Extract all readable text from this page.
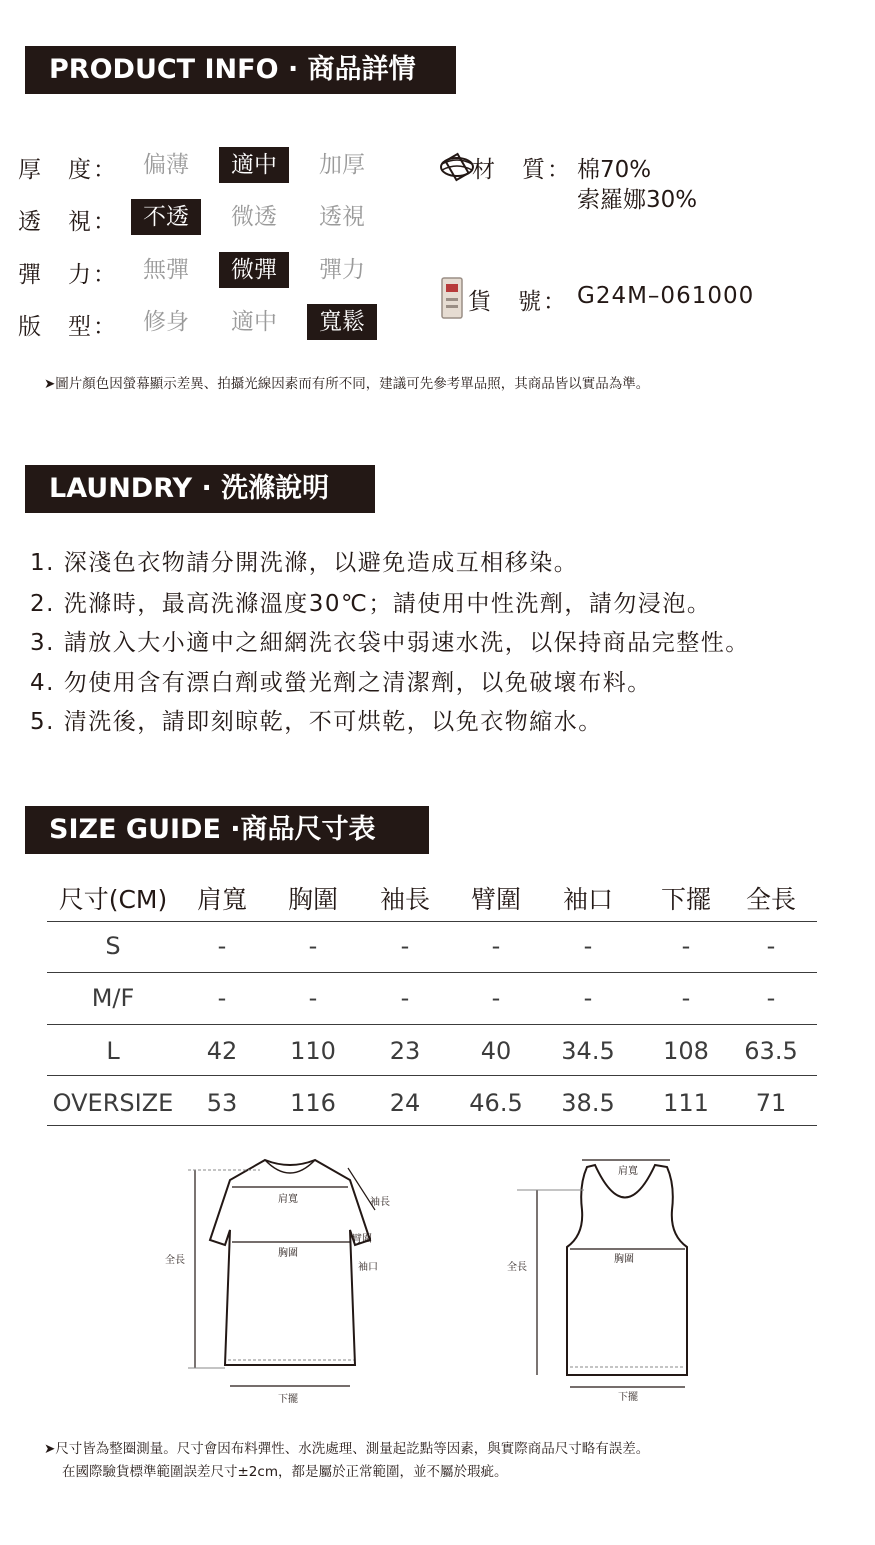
PRODUCT INFO · 商品詳情
厚　度：	偏薄	適中	加厚
透　視：	不透	微透	透視
彈　力：	無彈	微彈	彈力
版　型：	修身	適中	寬鬆
材　質： 棉70%
索羅娜30%
貨　號： G24M–061000
➤圖片顏色因螢幕顯示差異、拍攝光線因素而有所不同，建議可先參考單品照，其商品皆以實品為準。
LAUNDRY · 洗滌說明
1. 深淺色衣物請分開洗滌，以避免造成互相移染。
2. 洗滌時，最高洗滌溫度30℃；請使用中性洗劑，請勿浸泡。
3. 請放入大小適中之細網洗衣袋中弱速水洗，以保持商品完整性。
4. 勿使用含有漂白劑或螢光劑之清潔劑，以免破壞布料。
5. 清洗後，請即刻晾乾，不可烘乾，以免衣物縮水。
SIZE GUIDE ·商品尺寸表
尺寸(CM) 肩寬 胸圍 袖長 臂圍 袖口 下擺 全長
S	-	-	-	-	-	-	-
M/F	-	-	-	-	-	-	-
L	42 110 23	40 34.5 108 63.5
OVERSIZE 53 116 24 46.5 38.5 111 71
全長
肩寬
胸圍
袖長
臂圍
袖口
下擺
肩寬
全長
胸圍
下擺
➤尺寸皆為整圈測量。尺寸會因布料彈性、水洗處理、測量起訖點等因素，與實際商品尺寸略有誤差。
在國際驗貨標準範圍誤差尺寸±2cm，都是屬於正常範圍，並不屬於瑕疵。
